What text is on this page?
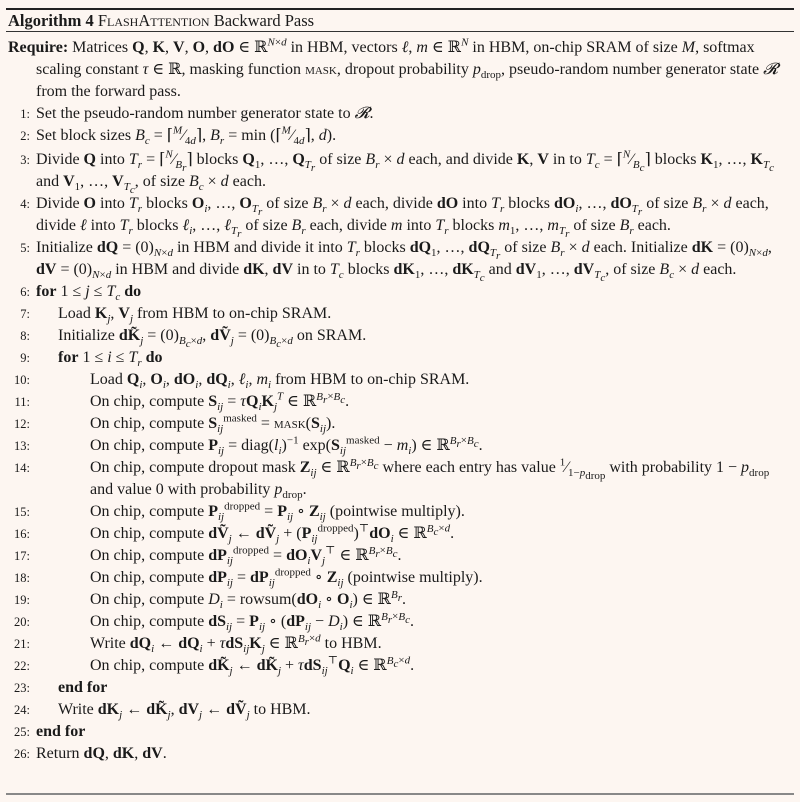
Algorithm 4 FlashAttention Backward Pass
Require: Matrices Q, K, V, O, dO ∈ ℝ$^{N\times d}$ in HBM, vectors ℓ, m ∈ ℝ$^N$ in HBM, on-chip SRAM of size M, softmax scaling constant τ ∈ ℝ, masking function mask, dropout probability $p_{drop}$, pseudo-random number generator state 𝓡 from the forward pass.
1: Set the pseudo-random number generator state to 𝓡.
2: Set block sizes $B_c$ = $⌈^M⁄_{4d}⌉$, $B_r = \min$ ($⌈^M⁄_{4d}⌉$, d).
3: Divide Q into $T_r$ = $⌈^N⁄_{B_r}⌉$ blocks $Q_1$, …, $Q_{T_r}$ of size $B_r \times d$ each, and divide K, V in to $T_c$ = $⌈^N⁄_{B_c}⌉$ blocks $K_1$, …, $K_{T_c}$ and $V_1$, …, $V_{T_c}$, of size $B_c \times d$ each.
4: Divide O into $T_r$ blocks $O_i$, …, $O_{T_r}$ of size $B_r \times d$ each, divide dO into $T_r$ blocks $dO_i$, …, $dO_{T_r}$ of size $B_r \times d$ each, divide ℓ into $T_r$ blocks ℓ$_i$, …, ℓ$_{T_r}$ of size $B_r$ each, divide m into $T_r$ blocks $m_1$, …, $m_{T_r}$ of size $B_r$ each.
5: Initialize dQ = $(0)_{N\times d}$ in HBM and divide it into $T_r$ blocks $dQ_1$, …, $dQ_{T_r}$ of size $B_r \times d$ each. Initialize dK = $(0)_{N\times d}$, dV = $(0)_{N\times d}$ in HBM and divide dK, dV in to $T_c$ blocks $dK_1$, …, $dK_{T_c}$ and $dV_1$, …, $dV_{T_c}$, of size $B_c \times d$ each.
6: for $1 \le j \le T_c$ do
7: Load $K_j$, $V_j$ from HBM to on-chip SRAM.
8: Initialize $dK̃_j = (0)_{B_c\times d}$, dṼ$_j$ = $(0)_{B_c\times d}$ on SRAM.
9: for $1 \le i \le T_r$ do
10:	Load $Q_i$, $O_i$, $dO_i$, $dQ_i$, ℓ$_i$, $m_i$ from HBM to on-chip SRAM.
11:	On chip, compute $S_{ij} = \tau Q_iK_j^T$ ∈ ℝ$^{B_r\times B_c}$.
12:	On chip, compute $S_{ij}^{masked}$ = $mask(S_{ij})$.
13:	On chip, compute $P_{ij}$ = $diag(l_i)^{-1}$ $\exp(S_{ij}^{masked} - m_i)$ ∈ ℝ$^{B_r\times B_c}$.
14:	On chip, compute dropout mask $Z_{ij}$ ∈ ℝ$^{B_r\times B_c}$ where each entry has value $^1⁄_{1-p_{drop}}$ with probability $1 - p_{drop}$ and value 0 with probability $p_{drop}$.
15:	On chip, compute $P_{ij}^{dropped} = P_{ij}$ ∘ $Z_{ij}$ (pointwise multiply).
16:	On chip, compute dṼ$_j$ ← dṼ$_j$ + $(P_{ij}^{dropped})^⊤dO_i$ ∈ ℝ$^{B_c\times d}$.
17:	On chip, compute $dP_{ij}^{dropped} = dO_iV_j^⊤$ ∈ ℝ$^{B_r\times B_c}$.
18:	On chip, compute $dP_{ij} = dP_{ij}^{dropped}$ ∘ $Z_{ij}$ (pointwise multiply).
19:	On chip, compute $D_i$ = $rowsum(dO_i$ ∘ $O_i$) ∈ ℝ$^{B_r}$.
20:	On chip, compute $dS_{ij} = P_{ij}$ ∘ $(dP_{ij} - D_i)$ ∈ ℝ$^{B_r\times B_c}$.
21:	Write $dQ_i$ ← $dQ_i + \tau dS_{ij}K_j$ ∈ ℝ$^{B_r\times d}$ to HBM.
22:	On chip, compute $dK̃_j$ ← $dK̃_j + \tau dS_{ij}^⊤Q_i$ ∈ ℝ$^{B_c\times d}$.
23: end for
24: Write $dK_j$ ← $dK̃_j$, $dV_j$ ← dṼ$_j$ to HBM.
25: end for
26: Return dQ, dK, dV.
